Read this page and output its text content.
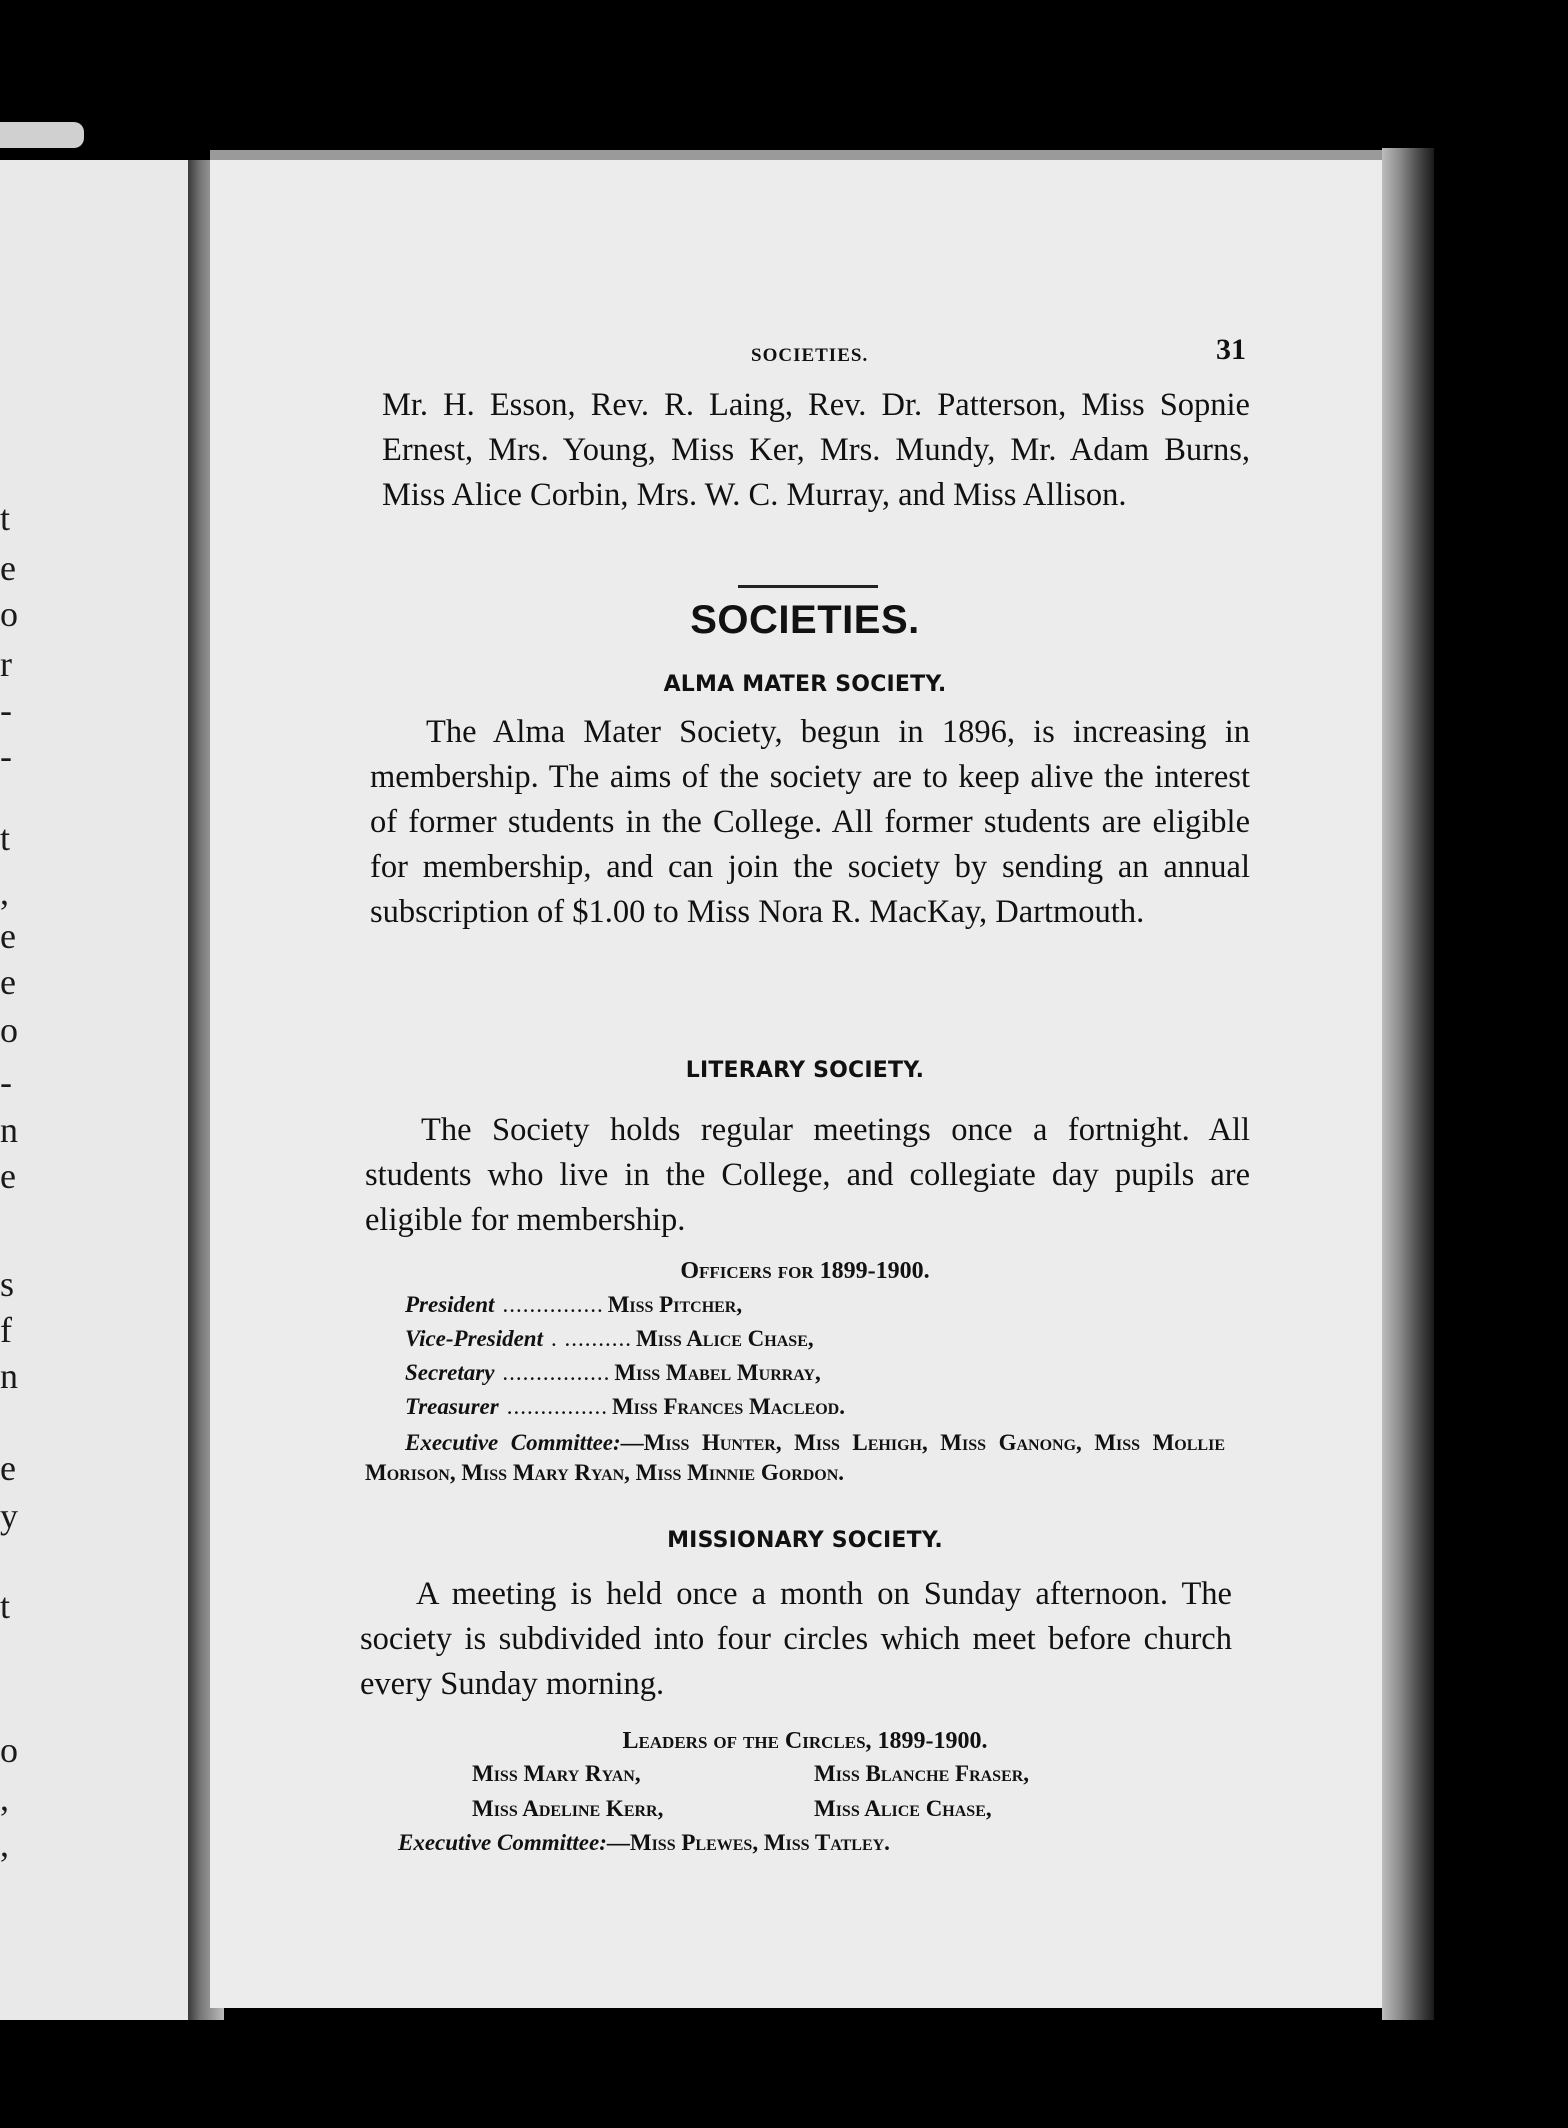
t
e
o
r
-
-
t
,
e
e
o
-
n
e
s
f
n
e
y
t
o
,
,
SOCIETIES.	31
Mr. H. Esson, Rev. R. Laing, Rev. Dr. Patterson, Miss Sopnie Ernest, Mrs. Young, Miss Ker, Mrs. Mundy, Mr. Adam Burns, Miss Alice Corbin, Mrs. W. C. Murray, and Miss Allison.
SOCIETIES.
ALMA MATER SOCIETY.
The Alma Mater Society, begun in 1896, is increasing in membership. The aims of the society are to keep alive the interest of former students in the College. All former students are eligible for membership, and can join the society by sending an annual subscription of $1.00 to Miss Nora R. MacKay, Dartmouth.
LITERARY SOCIETY.
The Society holds regular meetings once a fortnight. All students who live in the College, and collegiate day pupils are eligible for membership.
Officers for 1899-1900.
President ............... Miss Pitcher,
Vice-President . .......... Miss Alice Chase,
Secretary ................ Miss Mabel Murray,
Treasurer ............... Miss Frances Macleod.
Executive Committee:—Miss Hunter, Miss Lehigh, Miss Ganong, Miss Mollie Morison, Miss Mary Ryan, Miss Minnie Gordon.
MISSIONARY SOCIETY.
A meeting is held once a month on Sunday afternoon. The society is subdivided into four circles which meet before church every Sunday morning.
Leaders of the Circles, 1899-1900.
Miss Mary Ryan,	Miss Blanche Fraser,
Miss Adeline Kerr,	Miss Alice Chase,
Executive Committee:—Miss Plewes, Miss Tatley.
